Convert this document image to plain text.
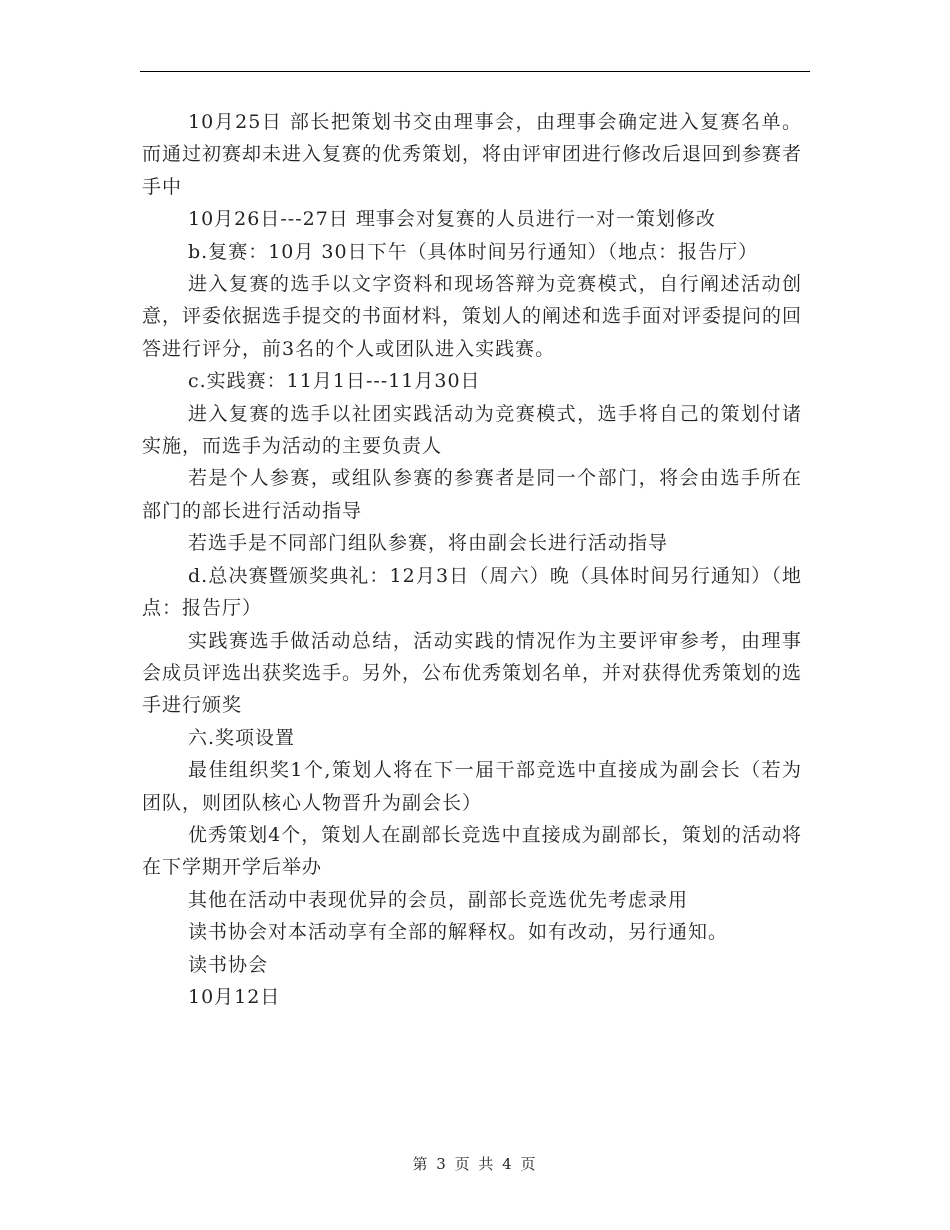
10月25日 部长把策划书交由理事会，由理事会确定进入复赛名单。而通过初赛却未进入复赛的优秀策划，将由评审团进行修改后退回到参赛者手中

10月26日---27日 理事会对复赛的人员进行一对一策划修改

b.复赛：10月 30日下午（具体时间另行通知）（地点：报告厅）

进入复赛的选手以文字资料和现场答辩为竞赛模式，自行阐述活动创意，评委依据选手提交的书面材料，策划人的阐述和选手面对评委提问的回答进行评分，前3名的个人或团队进入实践赛。

c.实践赛：11月1日---11月30日

进入复赛的选手以社团实践活动为竞赛模式，选手将自己的策划付诸实施，而选手为活动的主要负责人

若是个人参赛，或组队参赛的参赛者是同一个部门，将会由选手所在部门的部长进行活动指导

若选手是不同部门组队参赛，将由副会长进行活动指导

d.总决赛暨颁奖典礼：12月3日（周六）晚（具体时间另行通知）（地点：报告厅）

实践赛选手做活动总结，活动实践的情况作为主要评审参考，由理事会成员评选出获奖选手。另外，公布优秀策划名单，并对获得优秀策划的选手进行颁奖

六.奖项设置

最佳组织奖1个,策划人将在下一届干部竞选中直接成为副会长（若为团队，则团队核心人物晋升为副会长）

优秀策划4个，策划人在副部长竞选中直接成为副部长，策划的活动将在下学期开学后举办

其他在活动中表现优异的会员，副部长竞选优先考虑录用

读书协会对本活动享有全部的解释权。如有改动，另行通知。

读书协会

10月12日

第 3 页 共 4 页
